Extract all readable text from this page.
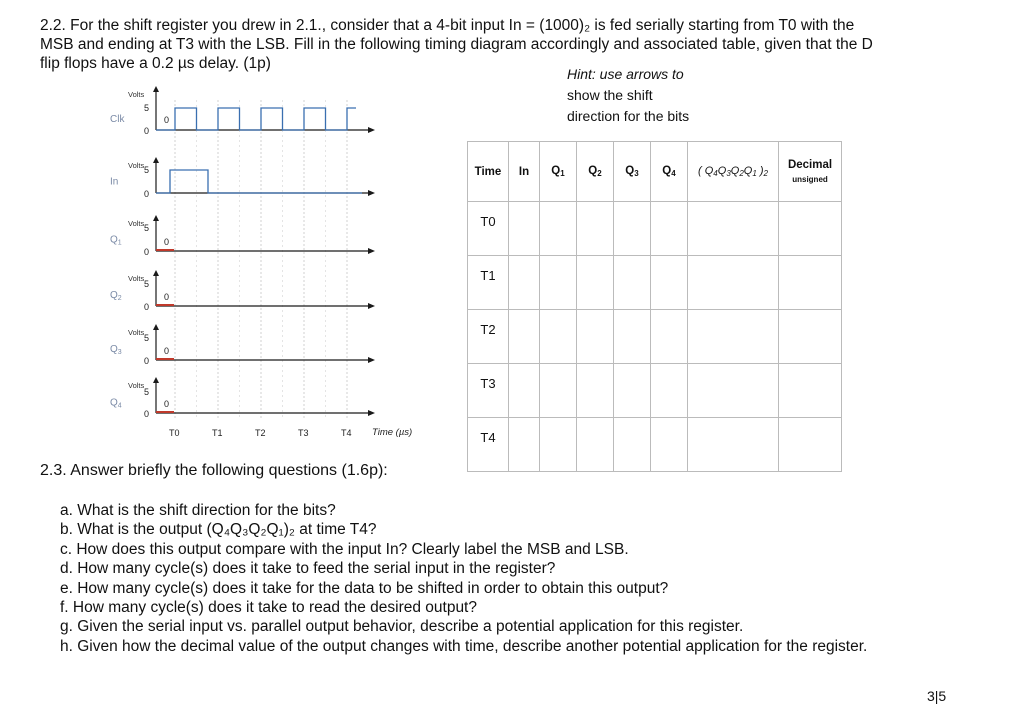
2.2. For the shift register you drew in 2.1., consider that a 4-bit input In = (1000)₂ is fed serially starting from T0 with the
MSB and ending at T3 with the LSB. Fill in the following timing diagram accordingly and associated table, given that the D
flip flops have a 0.2 µs delay. (1p)
Hint: use arrows to
show the shift
direction for the bits
Volts
5
0
Clk	0
Volts 5
0
In
Volts 5
0
$Q_1$	0
Volts
5
0
$Q_2$	0
Volts
5
0
$Q_3$	0
Volts
5
0
$Q_4$	0
T0	T1	T2	T3	T4 Time (µs)
Time	In	$Q_1$	$Q_2$	$Q_3$	$Q_4$	( $Q_4Q_3Q_2Q_1$ )$_2$	Decimal
unsigned

T0							
T1							
T2							
T3							
T4							
2.3. Answer briefly the following questions (1.6p):
a. What is the shift direction for the bits?
b. What is the output (Q₄Q₃Q₂Q₁)₂ at time T4?
c. How does this output compare with the input In? Clearly label the MSB and LSB.
d. How many cycle(s) does it take to feed the serial input in the register?
e. How many cycle(s) does it take for the data to be shifted in order to obtain this output?
f. How many cycle(s) does it take to read the desired output?
g. Given the serial input vs. parallel output behavior, describe a potential application for this register.
h. Given how the decimal value of the output changes with time, describe another potential application for the register.
3|5
